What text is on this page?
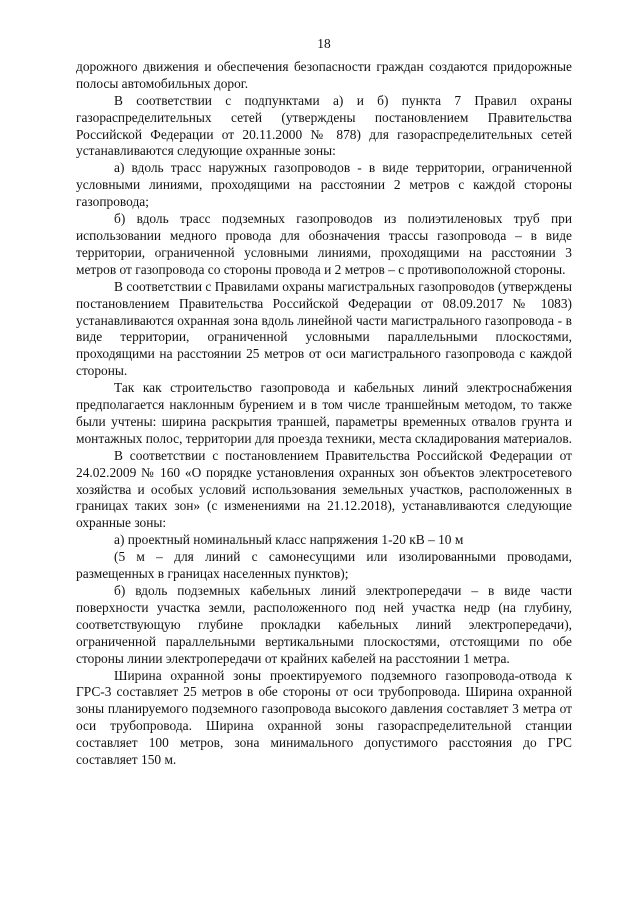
18

дорожного движения и обеспечения безопасности граждан создаются придорожные полосы автомобильных дорог.

В соответствии с подпунктами а) и б) пункта 7 Правил охраны газораспределительных сетей (утверждены постановлением Правительства Российской Федерации от 20.11.2000 № 878) для газораспределительных сетей устанавливаются следующие охранные зоны:

а) вдоль трасс наружных газопроводов - в виде территории, ограниченной условными линиями, проходящими на расстоянии 2 метров с каждой стороны газопровода;

б) вдоль трасс подземных газопроводов из полиэтиленовых труб при использовании медного провода для обозначения трассы газопровода – в виде территории, ограниченной условными линиями, проходящими на расстоянии 3 метров от газопровода со стороны провода и 2 метров – с противоположной стороны.

В соответствии с Правилами охраны магистральных газопроводов (утверждены постановлением Правительства Российской Федерации от 08.09.2017 № 1083) устанавливаются охранная зона вдоль линейной части магистрального газопровода - в виде территории, ограниченной условными параллельными плоскостями, проходящими на расстоянии 25 метров от оси магистрального газопровода с каждой стороны.

Так как строительство газопровода и кабельных линий электроснабжения предполагается наклонным бурением и в том числе траншейным методом, то также были учтены: ширина раскрытия траншей, параметры временных отвалов грунта и монтажных полос, территории для проезда техники, места складирования материалов.

В соответствии с постановлением Правительства Российской Федерации от 24.02.2009 № 160 «О порядке установления охранных зон объектов электросетевого хозяйства и особых условий использования земельных участков, расположенных в границах таких зон» (с изменениями на 21.12.2018), устанавливаются следующие охранные зоны:

а) проектный номинальный класс напряжения 1-20 кВ – 10 м

(5 м – для линий с самонесущими или изолированными проводами, размещенных в границах населенных пунктов);

б) вдоль подземных кабельных линий электропередачи – в виде части поверхности участка земли, расположенного под ней участка недр (на глубину, соответствующую глубине прокладки кабельных линий электропередачи), ограниченной параллельными вертикальными плоскостями, отстоящими по обе стороны линии электропередачи от крайних кабелей на расстоянии 1 метра.

Ширина охранной зоны проектируемого подземного газопровода-отвода к ГРС-3 составляет 25 метров в обе стороны от оси трубопровода. Ширина охранной зоны планируемого подземного газопровода высокого давления составляет 3 метра от оси трубопровода. Ширина охранной зоны газораспределительной станции составляет 100 метров, зона минимального допустимого расстояния до ГРС составляет 150 м.
